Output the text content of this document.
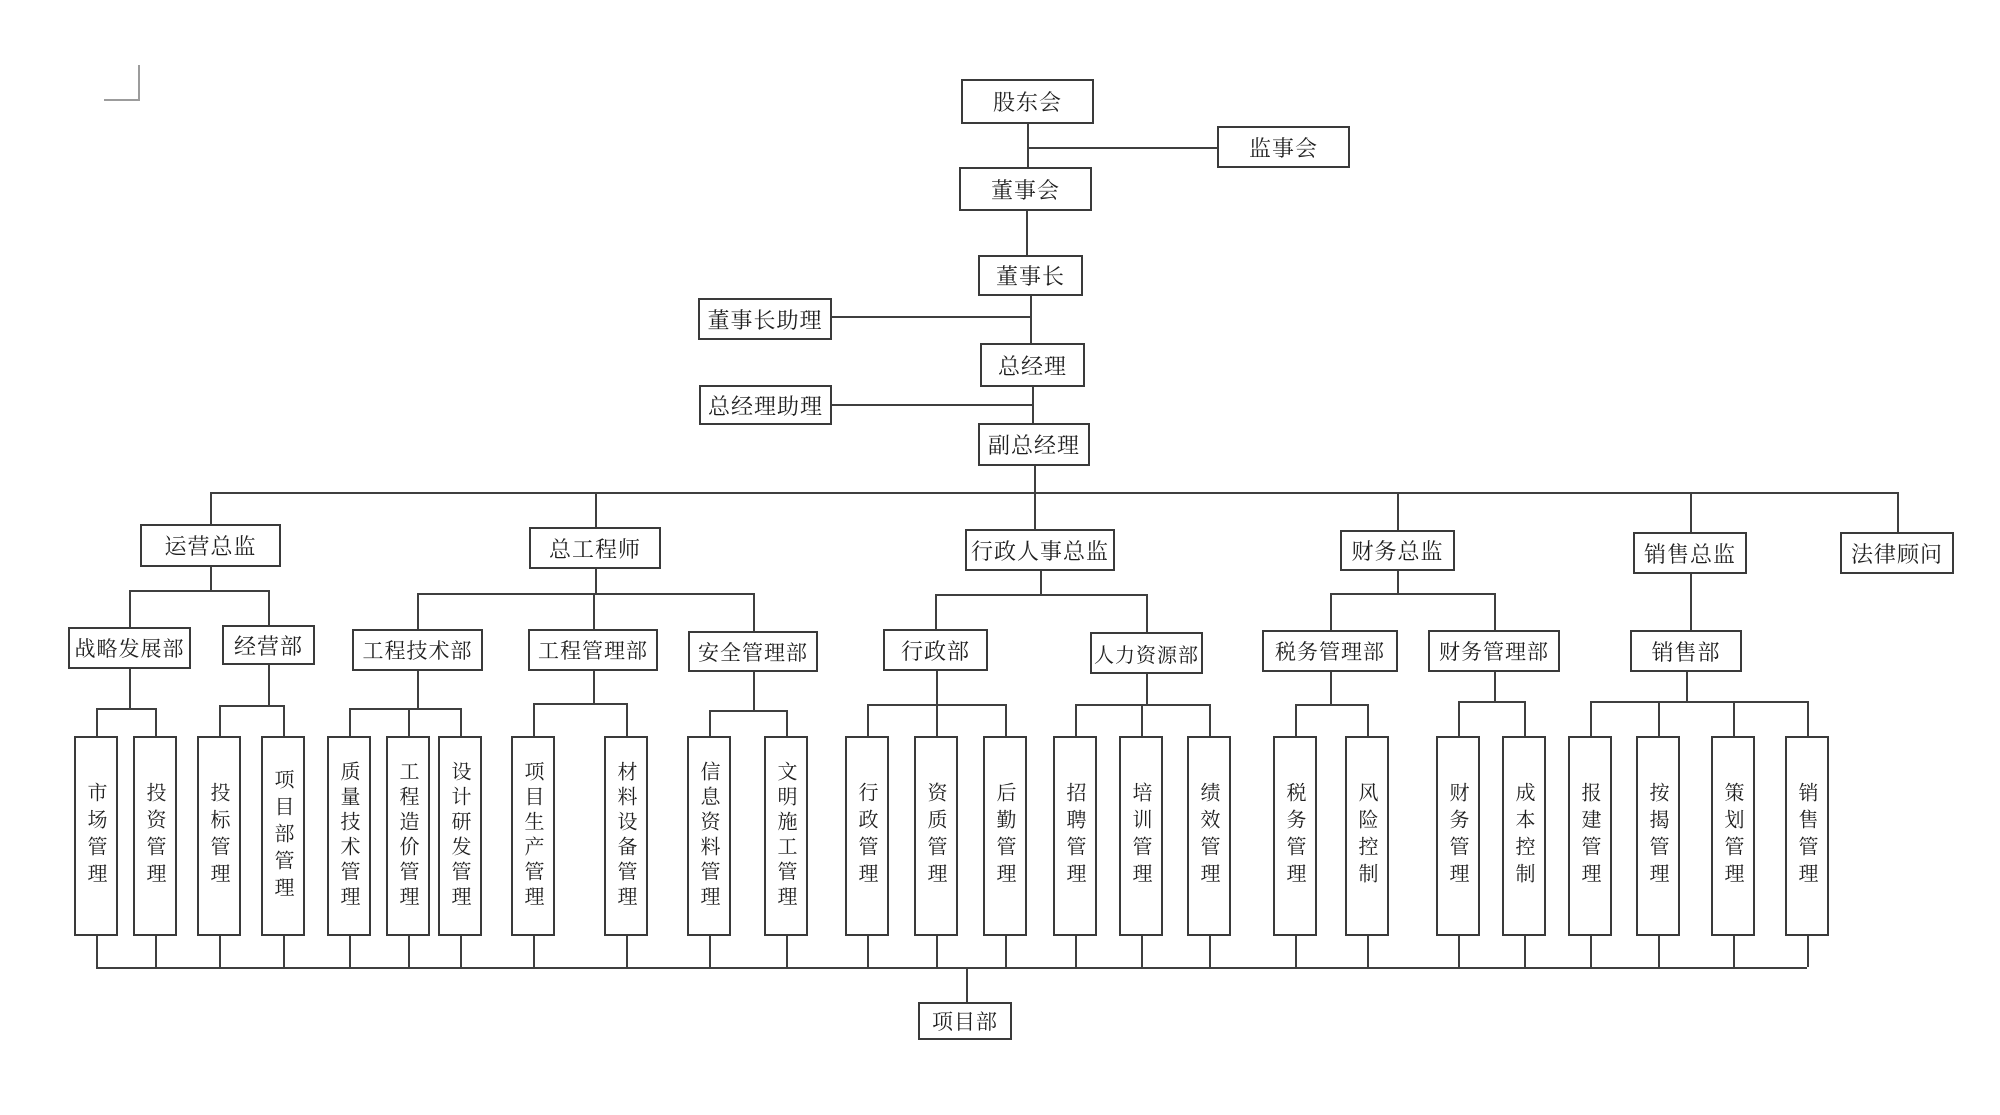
股东会
监事会
董事会
董事长
董事长助理
总经理
总经理助理
副总经理
运营总监	总工程师	行政人事总监	财务总监	销售总监	法律顾问
战略发展部	经营部	工程技术部	工程管理部	安全管理部	行政部	人力资源部	税务管理部	财务管理部	销售部
市场管理	投资管理	投标管理	项目部管理	质量技术管理	工程造价管理	设计研发管理	项目生产管理	材料设备管理	信息资料管理	文明施工管理	行政管理	资质管理	后勤管理	招聘管理	培训管理	绩效管理	税务管理	风险控制	财务管理	成本控制	报建管理	按揭管理	策划管理	销售管理
项目部
